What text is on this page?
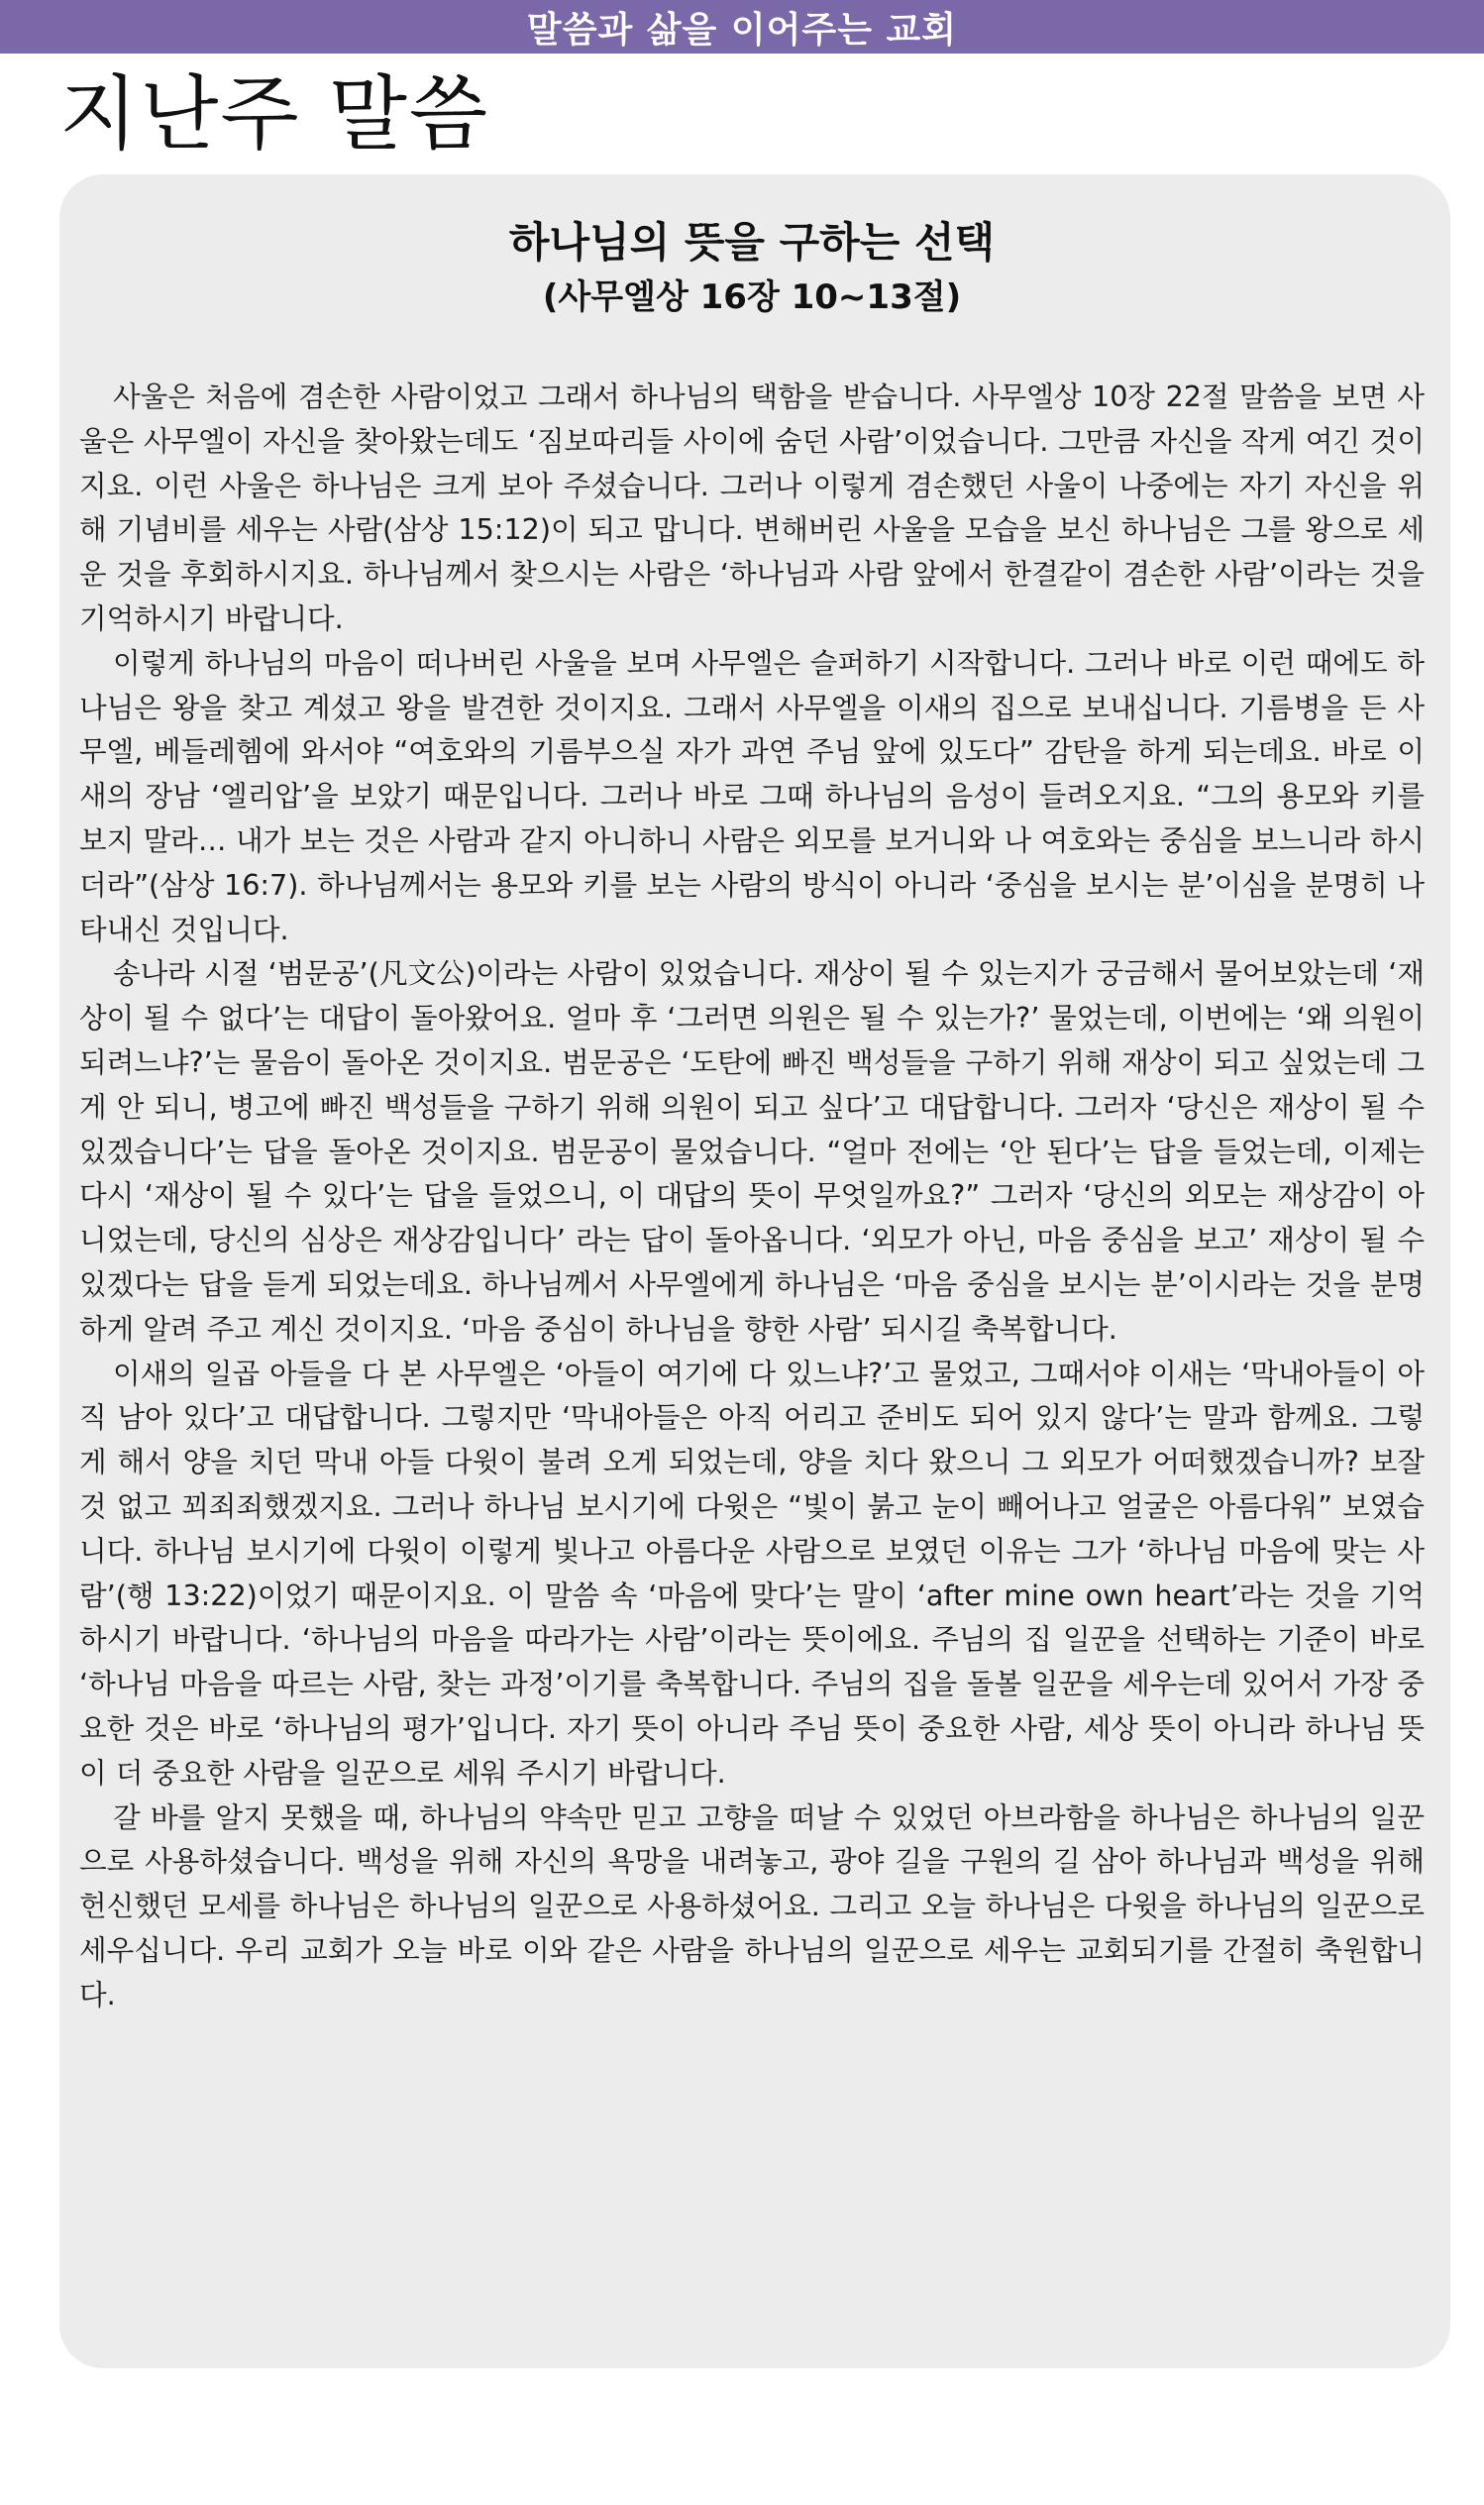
말씀과 삶을 이어주는 교회
지난주 말씀
하나님의 뜻을 구하는 선택

(사무엘상 16장 10~13절)

사울은 처음에 겸손한 사람이었고 그래서 하나님의 택함을 받습니다. 사무엘상 10장 22절 말씀을 보면 사울은 사무엘이 자신을 찾아왔는데도 ‘짐보따리들 사이에 숨던 사람’이었습니다. 그만큼 자신을 작게 여긴 것이지요. 이런 사울은 하나님은 크게 보아 주셨습니다. 그러나 이렇게 겸손했던 사울이 나중에는 자기 자신을 위해 기념비를 세우는 사람(삼상 15:12)이 되고 맙니다. 변해버린 사울을 모습을 보신 하나님은 그를 왕으로 세운 것을 후회하시지요. 하나님께서 찾으시는 사람은 ‘하나님과 사람 앞에서 한결같이 겸손한 사람’이라는 것을 기억하시기 바랍니다.

이렇게 하나님의 마음이 떠나버린 사울을 보며 사무엘은 슬퍼하기 시작합니다. 그러나 바로 이런 때에도 하나님은 왕을 찾고 계셨고 왕을 발견한 것이지요. 그래서 사무엘을 이새의 집으로 보내십니다. 기름병을 든 사무엘, 베들레헴에 와서야 “여호와의 기름부으실 자가 과연 주님 앞에 있도다” 감탄을 하게 되는데요. 바로 이새의 장남 ‘엘리압’을 보았기 때문입니다. 그러나 바로 그때 하나님의 음성이 들려오지요. “그의 용모와 키를 보지 말라… 내가 보는 것은 사람과 같지 아니하니 사람은 외모를 보거니와 나 여호와는 중심을 보느니라 하시더라”(삼상 16:7). 하나님께서는 용모와 키를 보는 사람의 방식이 아니라 ‘중심을 보시는 분’이심을 분명히 나타내신 것입니다.

송나라 시절 ‘범문공’(凡文公)이라는 사람이 있었습니다. 재상이 될 수 있는지가 궁금해서 물어보았는데 ‘재상이 될 수 없다’는 대답이 돌아왔어요. 얼마 후 ‘그러면 의원은 될 수 있는가?’ 물었는데, 이번에는 ‘왜 의원이 되려느냐?’는 물음이 돌아온 것이지요. 범문공은 ‘도탄에 빠진 백성들을 구하기 위해 재상이 되고 싶었는데 그게 안 되니, 병고에 빠진 백성들을 구하기 위해 의원이 되고 싶다’고 대답합니다. 그러자 ‘당신은 재상이 될 수 있겠습니다’는 답을 돌아온 것이지요. 범문공이 물었습니다. “얼마 전에는 ‘안 된다’는 답을 들었는데, 이제는 다시 ‘재상이 될 수 있다’는 답을 들었으니, 이 대답의 뜻이 무엇일까요?” 그러자 ‘당신의 외모는 재상감이 아니었는데, 당신의 심상은 재상감입니다’ 라는 답이 돌아옵니다. ‘외모가 아닌, 마음 중심을 보고’ 재상이 될 수 있겠다는 답을 듣게 되었는데요. 하나님께서 사무엘에게 하나님은 ‘마음 중심을 보시는 분’이시라는 것을 분명하게 알려 주고 계신 것이지요. ‘마음 중심이 하나님을 향한 사람’ 되시길 축복합니다.

이새의 일곱 아들을 다 본 사무엘은 ‘아들이 여기에 다 있느냐?’고 물었고, 그때서야 이새는 ‘막내아들이 아직 남아 있다’고 대답합니다. 그렇지만 ‘막내아들은 아직 어리고 준비도 되어 있지 않다’는 말과 함께요. 그렇게 해서 양을 치던 막내 아들 다윗이 불려 오게 되었는데, 양을 치다 왔으니 그 외모가 어떠했겠습니까? 보잘 것 없고 꾀죄죄했겠지요. 그러나 하나님 보시기에 다윗은 “빛이 붉고 눈이 빼어나고 얼굴은 아름다워” 보였습니다. 하나님 보시기에 다윗이 이렇게 빛나고 아름다운 사람으로 보였던 이유는 그가 ‘하나님 마음에 맞는 사람’(행 13:22)이었기 때문이지요. 이 말씀 속 ‘마음에 맞다’는 말이 ‘after mine own heart’라는 것을 기억하시기 바랍니다. ‘하나님의 마음을 따라가는 사람’이라는 뜻이에요. 주님의 집 일꾼을 선택하는 기준이 바로 ‘하나님 마음을 따르는 사람, 찾는 과정’이기를 축복합니다. 주님의 집을 돌볼 일꾼을 세우는데 있어서 가장 중요한 것은 바로 ‘하나님의 평가’입니다. 자기 뜻이 아니라 주님 뜻이 중요한 사람, 세상 뜻이 아니라 하나님 뜻이 더 중요한 사람을 일꾼으로 세워 주시기 바랍니다.

갈 바를 알지 못했을 때, 하나님의 약속만 믿고 고향을 떠날 수 있었던 아브라함을 하나님은 하나님의 일꾼으로 사용하셨습니다. 백성을 위해 자신의 욕망을 내려놓고, 광야 길을 구원의 길 삼아 하나님과 백성을 위해 헌신했던 모세를 하나님은 하나님의 일꾼으로 사용하셨어요. 그리고 오늘 하나님은 다윗을 하나님의 일꾼으로 세우십니다. 우리 교회가 오늘 바로 이와 같은 사람을 하나님의 일꾼으로 세우는 교회되기를 간절히 축원합니다.
